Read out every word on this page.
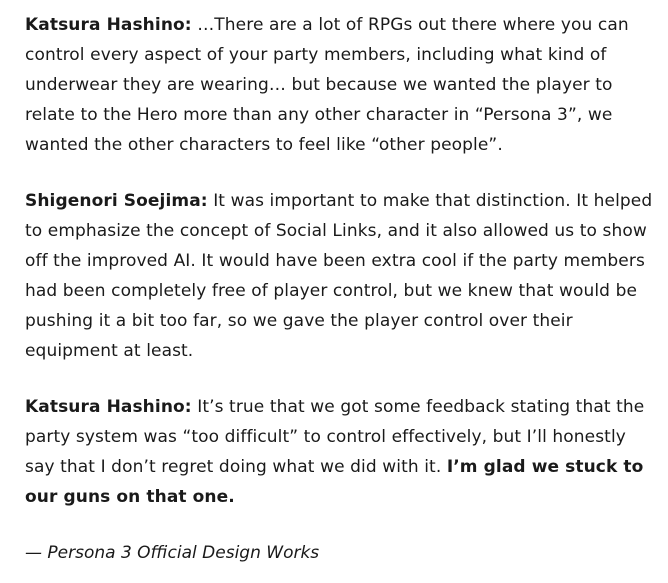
Katsura Hashino: …There are a lot of RPGs out there where you can control every aspect of your party members, including what kind of underwear they are wearing… but because we wanted the player to relate to the Hero more than any other character in “Persona 3”, we wanted the other characters to feel like “other people”.

Shigenori Soejima: It was important to make that distinction. It helped to emphasize the concept of Social Links, and it also allowed us to show off the improved AI. It would have been extra cool if the party members had been completely free of player control, but we knew that would be pushing it a bit too far, so we gave the player control over their equipment at least.

Katsura Hashino: It’s true that we got some feedback stating that the party system was “too difficult” to control effectively, but I’ll honestly say that I don’t regret doing what we did with it. I’m glad we stuck to our guns on that one.

— Persona 3 Official Design Works
